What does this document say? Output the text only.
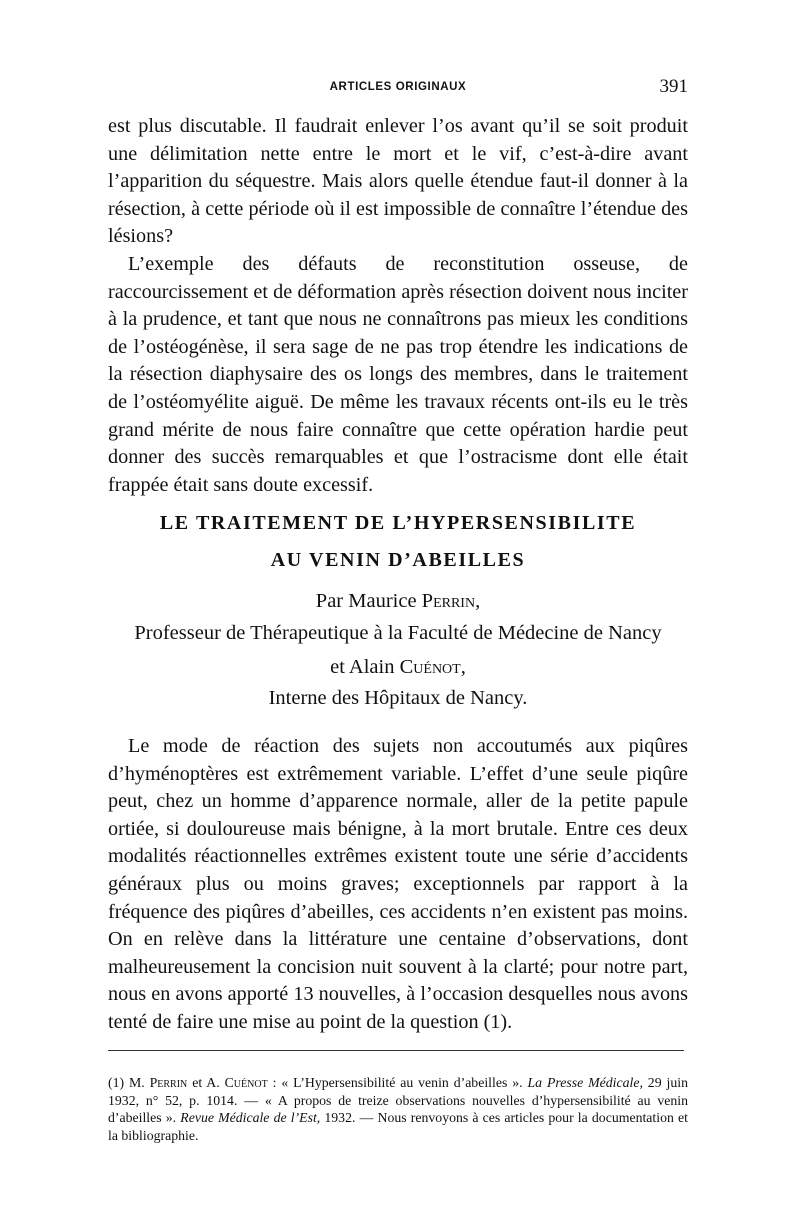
ARTICLES ORIGINAUX	391

est plus discutable. Il faudrait enlever l’os avant qu’il se soit produit une délimitation nette entre le mort et le vif, c’est-à-dire avant l’apparition du séquestre. Mais alors quelle étendue faut-il donner à la résection, à cette période où il est impossible de connaître l’étendue des lésions?

L’exemple des défauts de reconstitution osseuse, de raccourcissement et de déformation après résection doivent nous inciter à la prudence, et tant que nous ne connaîtrons pas mieux les conditions de l’ostéogénèse, il sera sage de ne pas trop étendre les indications de la résection diaphysaire des os longs des membres, dans le traitement de l’ostéomyélite aiguë. De même les travaux récents ont-ils eu le très grand mérite de nous faire connaître que cette opération hardie peut donner des succès remarquables et que l’ostracisme dont elle était frappée était sans doute excessif.

LE TRAITEMENT DE L’HYPERSENSIBILITE
AU VENIN D’ABEILLES
Par Maurice Perrin,
Professeur de Thérapeutique à la Faculté de Médecine de Nancy
et Alain Cuénot,
Interne des Hôpitaux de Nancy.

Le mode de réaction des sujets non accoutumés aux piqûres d’hyménoptères est extrêmement variable. L’effet d’une seule piqûre peut, chez un homme d’apparence normale, aller de la petite papule ortiée, si douloureuse mais bénigne, à la mort brutale. Entre ces deux modalités réactionnelles extrêmes existent toute une série d’accidents généraux plus ou moins graves; exceptionnels par rapport à la fréquence des piqûres d’abeilles, ces accidents n’en existent pas moins. On en relève dans la littérature une centaine d’observations, dont malheureusement la concision nuit souvent à la clarté; pour notre part, nous en avons apporté 13 nouvelles, à l’occasion desquelles nous avons tenté de faire une mise au point de la question (1).

(1) M. Perrin et A. Cuénot : « L’Hypersensibilité au venin d’abeilles ». La Presse Médicale, 29 juin 1932, n° 52, p. 1014. — « A propos de treize observations nouvelles d’hypersensibilité au venin d’abeilles ». Revue Médicale de l’Est, 1932. — Nous renvoyons à ces articles pour la documentation et la bibliographie.
